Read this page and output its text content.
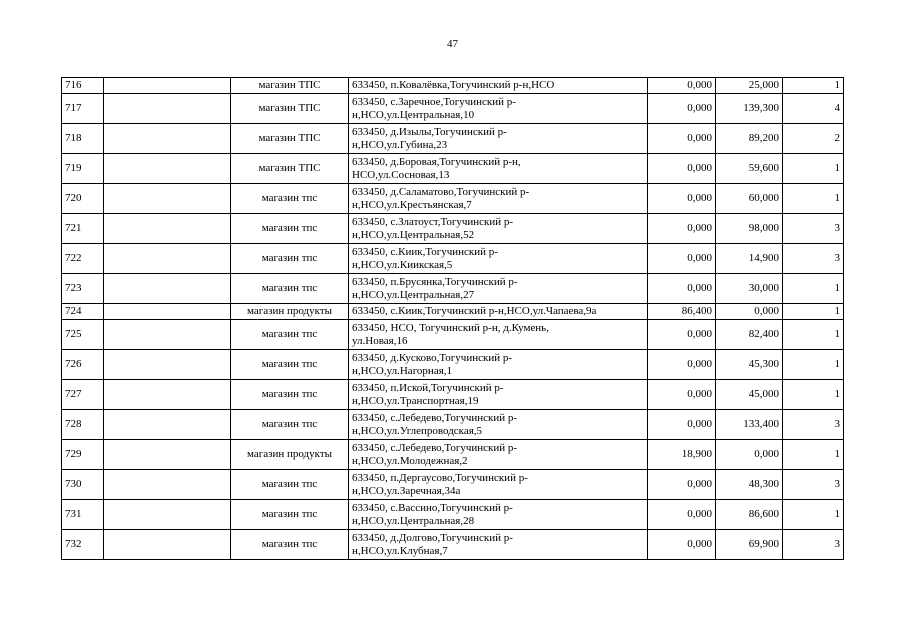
47
716		магазин ТПС	633450, п.Ковалёвка,Тогучинский р-н,НСО	0,000	25,000	1
717		магазин ТПС	633450, с.Заречное,Тогучинский р-
н,НСО,ул.Центральная,10	0,000	139,300	4
718		магазин ТПС	633450, д.Изылы,Тогучинский р-
н,НСО,ул.Губина,23	0,000	89,200	2
719		магазин ТПС	633450, д.Боровая,Тогучинский р-н,
НСО,ул.Сосновая,13	0,000	59,600	1
720		магазин тпс	633450, д.Саламатово,Тогучинский р-
н,НСО,ул.Крестьянская,7	0,000	60,000	1
721		магазин тпс	633450, с.Златоуст,Тогучинский р-
н,НСО,ул.Центральная,52	0,000	98,000	3
722		магазин тпс	633450, с.Киик,Тогучинский р-
н,НСО,ул.Киикская,5	0,000	14,900	3
723		магазин тпс	633450, п.Брусянка,Тогучинский р-
н,НСО,ул.Центральная,27	0,000	30,000	1
724		магазин продукты	633450, с.Киик,Тогучинский р-н,НСО,ул.Чапаева,9а	86,400	0,000	1
725		магазин тпс	633450, НСО, Тогучинский р-н, д.Кумень,
ул.Новая,16	0,000	82,400	1
726		магазин тпс	633450, д.Кусково,Тогучинский р-
н,НСО,ул.Нагорная,1	0,000	45,300	1
727		магазин тпс	633450, п.Иской,Тогучинский р-
н,НСО,ул.Транспортная,19	0,000	45,000	1
728		магазин тпс	633450, с.Лебедево,Тогучинский р-
н,НСО,ул.Углепроводская,5	0,000	133,400	3
729		магазин продукты	633450, с.Лебедево,Тогучинский р-
н,НСО,ул.Молодежная,2	18,900	0,000	1
730		магазин тпс	633450, п.Дергаусово,Тогучинский р-
н,НСО,ул.Заречная,34а	0,000	48,300	3
731		магазин тпс	633450, с.Вассино,Тогучинский р-
н,НСО,ул.Центральная,28	0,000	86,600	1
732		магазин тпс	633450, д.Долгово,Тогучинский р-
н,НСО,ул.Клубная,7	0,000	69,900	3
